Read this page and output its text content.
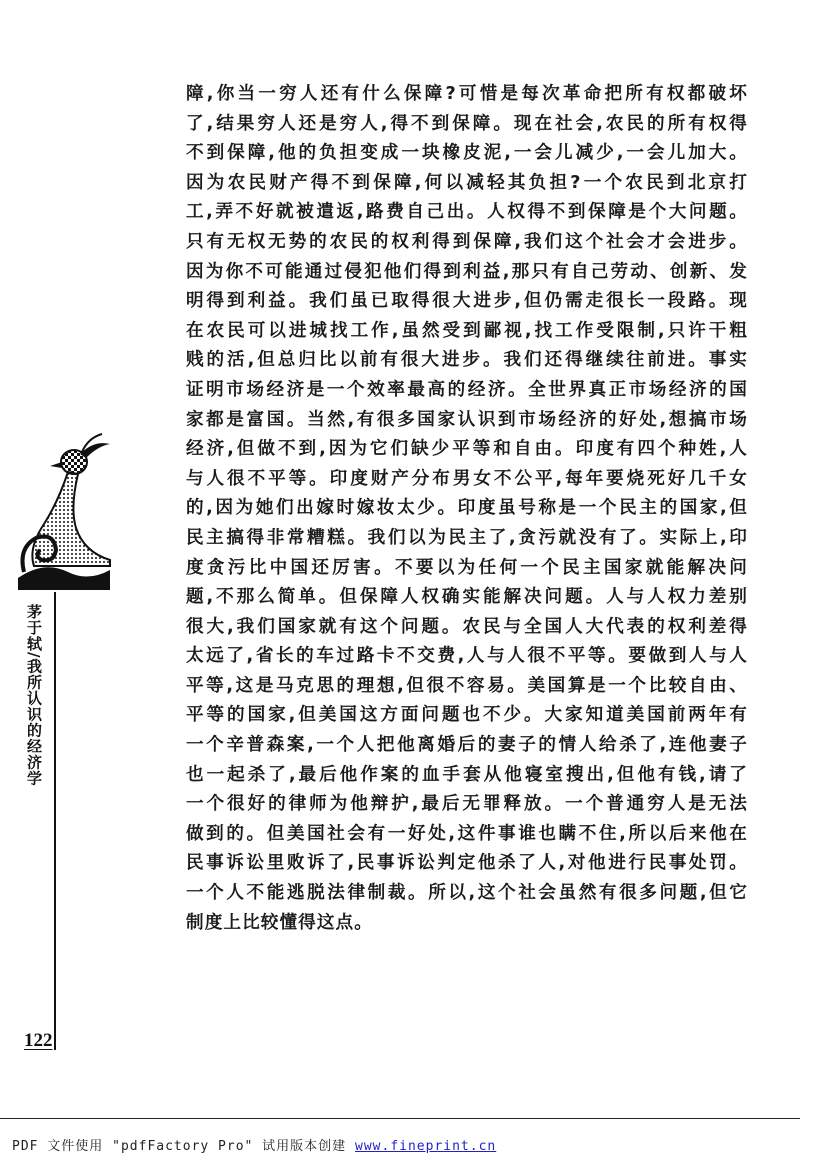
茅于轼/我所认识的经济学
122

障,你当一穷人还有什么保障?可惜是每次革命把所有权都破坏

了,结果穷人还是穷人,得不到保障。现在社会,农民的所有权得

不到保障,他的负担变成一块橡皮泥,一会儿减少,一会儿加大。

因为农民财产得不到保障,何以减轻其负担?一个农民到北京打

工,弄不好就被遣返,路费自己出。人权得不到保障是个大问题。

只有无权无势的农民的权利得到保障,我们这个社会才会进步。

因为你不可能通过侵犯他们得到利益,那只有自己劳动、创新、发

明得到利益。我们虽已取得很大进步,但仍需走很长一段路。现

在农民可以进城找工作,虽然受到鄙视,找工作受限制,只许干粗

贱的活,但总归比以前有很大进步。我们还得继续往前进。事实

证明市场经济是一个效率最高的经济。全世界真正市场经济的国

家都是富国。当然,有很多国家认识到市场经济的好处,想搞市场

经济,但做不到,因为它们缺少平等和自由。印度有四个种姓,人

与人很不平等。印度财产分布男女不公平,每年要烧死好几千女

的,因为她们出嫁时嫁妆太少。印度虽号称是一个民主的国家,但

民主搞得非常糟糕。我们以为民主了,贪污就没有了。实际上,印

度贪污比中国还厉害。不要以为任何一个民主国家就能解决问

题,不那么简单。但保障人权确实能解决问题。人与人权力差别

很大,我们国家就有这个问题。农民与全国人大代表的权利差得

太远了,省长的车过路卡不交费,人与人很不平等。要做到人与人

平等,这是马克思的理想,但很不容易。美国算是一个比较自由、

平等的国家,但美国这方面问题也不少。大家知道美国前两年有

一个辛普森案,一个人把他离婚后的妻子的情人给杀了,连他妻子

也一起杀了,最后他作案的血手套从他寝室搜出,但他有钱,请了

一个很好的律师为他辩护,最后无罪释放。一个普通穷人是无法

做到的。但美国社会有一好处,这件事谁也瞒不住,所以后来他在

民事诉讼里败诉了,民事诉讼判定他杀了人,对他进行民事处罚。

一个人不能逃脱法律制裁。所以,这个社会虽然有很多问题,但它

制度上比较懂得这点。

PDF 文件使用 "pdfFactory Pro" 试用版本创建 www.fineprint.cn
